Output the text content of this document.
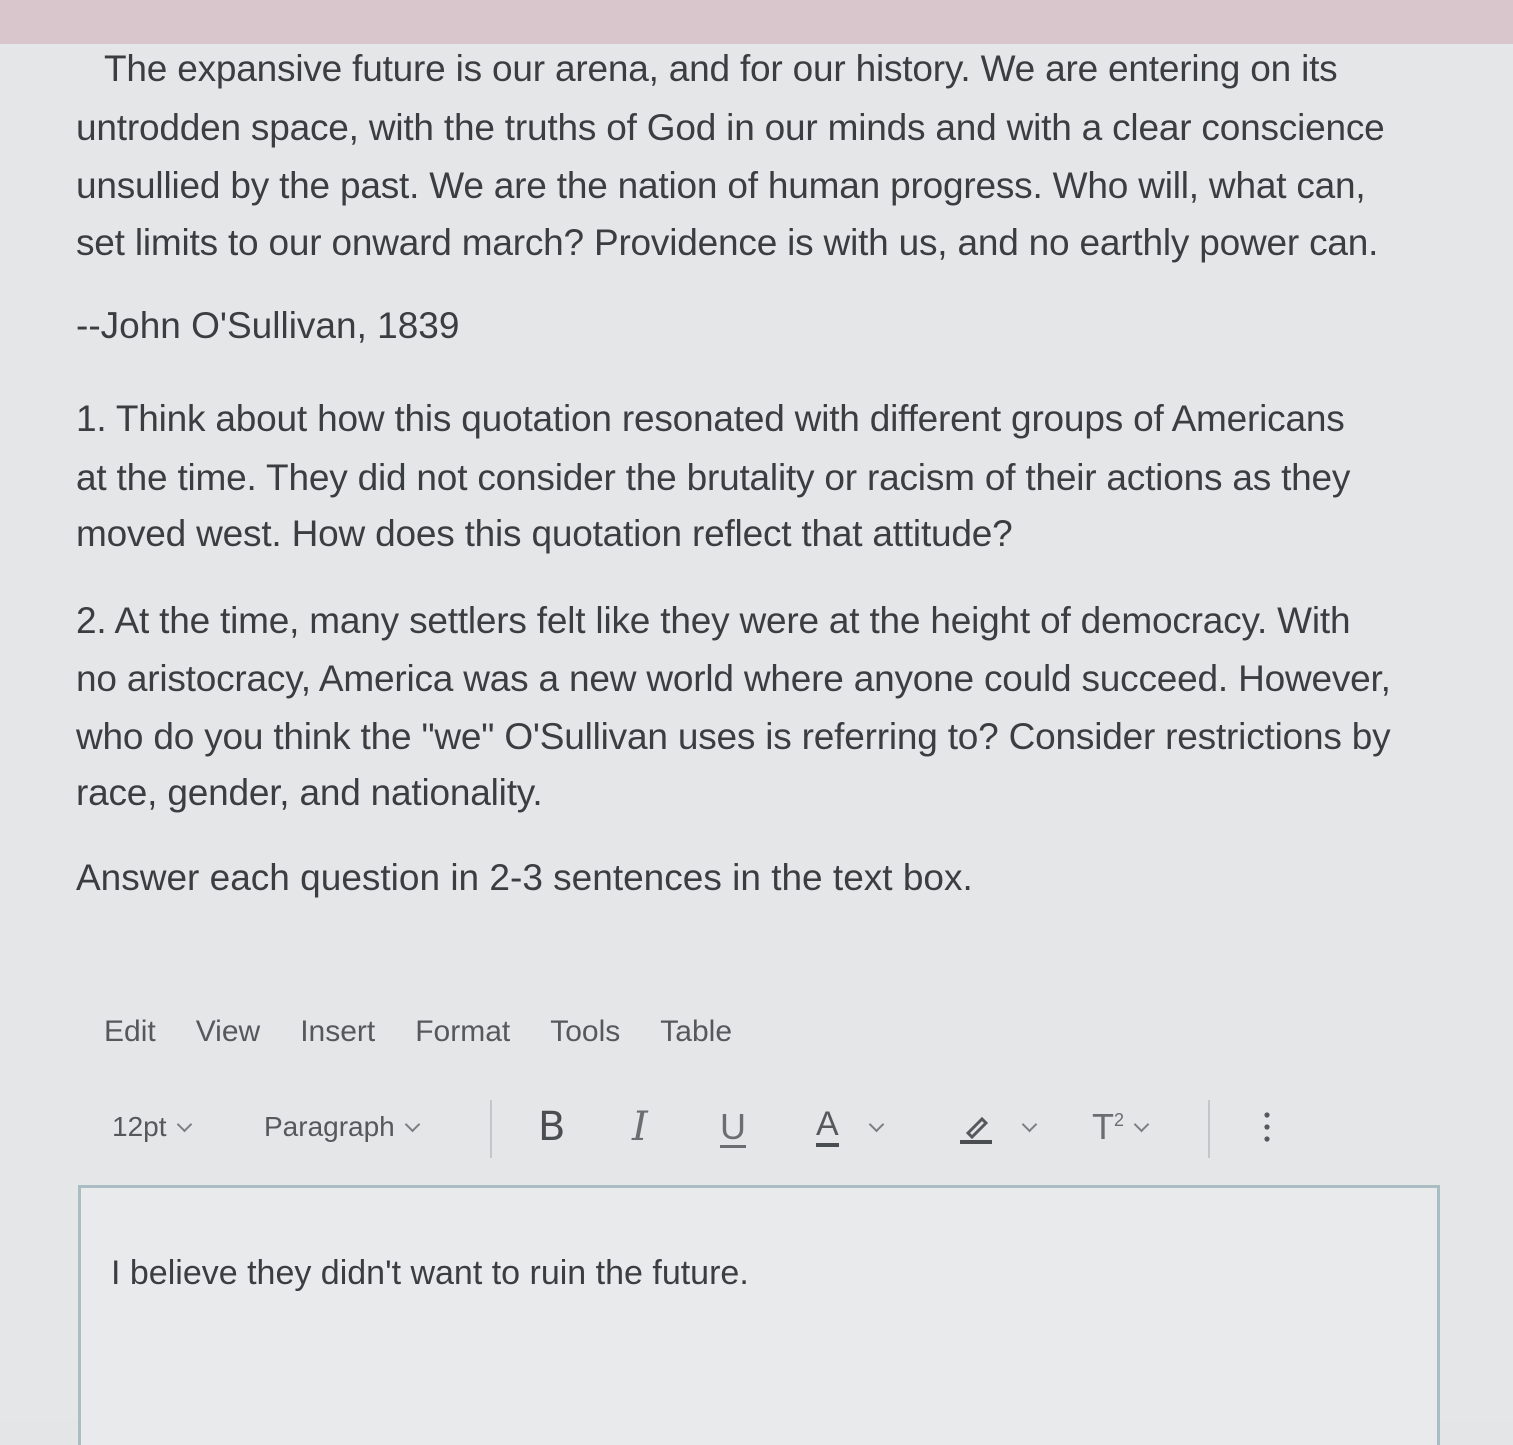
The expansive future is our arena, and for our history. We are entering on its
untrodden space, with the truths of God in our minds and with a clear conscience
unsullied by the past. We are the nation of human progress. Who will, what can,
set limits to our onward march? Providence is with us, and no earthly power can.
--John O'Sullivan, 1839
1. Think about how this quotation resonated with different groups of Americans
at the time. They did not consider the brutality or racism of their actions as they
moved west. How does this quotation reflect that attitude?
2. At the time, many settlers felt like they were at the height of democracy. With
no aristocracy, America was a new world where anyone could succeed. However,
who do you think the "we" O'Sullivan uses is referring to? Consider restrictions by
race, gender, and nationality.
Answer each question in 2-3 sentences in the text box.
Edit View Insert Format Tools Table
12pt	Paragraph	B I U A	$T^2$
I believe they didn't want to ruin the future.
